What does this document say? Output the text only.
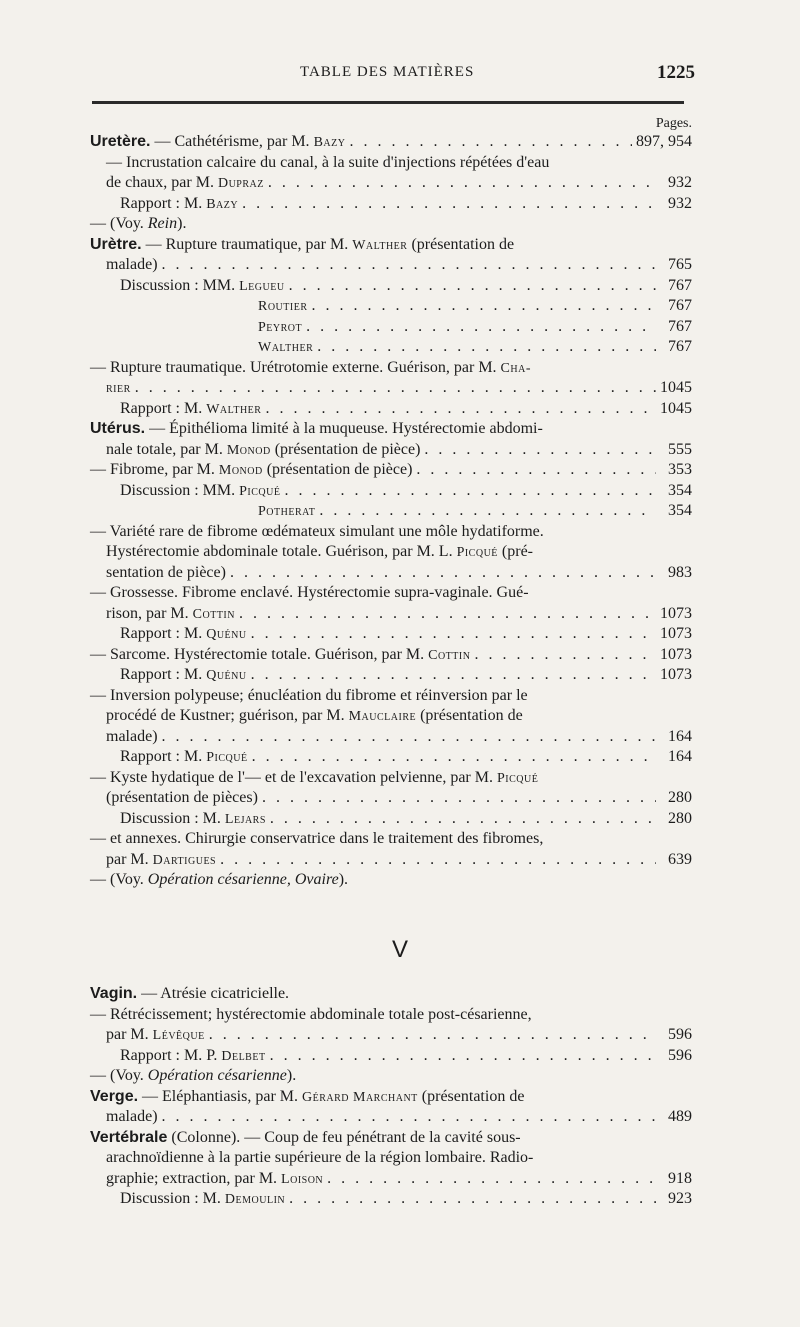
TABLE DES MATIÈRES	1225
Pages.
Uretère. — Cathétérisme, par M. Bazy . . .	897, 954
— Incrustation calcaire du canal, à la suite d'injections répétées d'eau
de chaux, par M. Dupraz . . .	932
Rapport : M. Bazy . . .	932
— (Voy. Rein).
Urètre. — Rupture traumatique, par M. Walther (présentation de
malade) . . .	765
Discussion : MM. Legueu . . .	767
Routier . . .	767
Peyrot . . .	767
Walther . . .	767
— Rupture traumatique. Urétrotomie externe. Guérison, par M. Cha-
rier . . .	1045
Rapport : M. Walther . . .	1045
Utérus. — Épithélioma limité à la muqueuse. Hystérectomie abdomi-
nale totale, par M. Monod (présentation de pièce) . . .	555
— Fibrome, par M. Monod (présentation de pièce) . . .	353
Discussion : MM. Picqué . . .	354
Potherat . . .	354
— Variété rare de fibrome œdémateux simulant une môle hydatiforme.
Hystérectomie abdominale totale. Guérison, par M. L. Picqué (pré-
sentation de pièce) . . .	983
— Grossesse. Fibrome enclavé. Hystérectomie supra-vaginale. Gué-
rison, par M. Cottin . . .	1073
Rapport : M. Quénu . . .	1073
— Sarcome. Hystérectomie totale. Guérison, par M. Cottin . . .	1073
Rapport : M. Quénu . . .	1073
— Inversion polypeuse; énucléation du fibrome et réinversion par le
procédé de Kustner; guérison, par M. Mauclaire (présentation de
malade) . . .	164
Rapport : M. Picqué . . .	164
— Kyste hydatique de l'— et de l'excavation pelvienne, par M. Picqué
(présentation de pièces) . . .	280
Discussion : M. Lejars . . .	280
— et annexes. Chirurgie conservatrice dans le traitement des fibromes,
par M. Dartigues . . .	639
— (Voy. Opération césarienne, Ovaire).
V
Vagin. — Atrésie cicatricielle.
— Rétrécissement; hystérectomie abdominale totale post-césarienne,
par M. Lévêque . . .	596
Rapport : M. P. Delbet . . .	596
— (Voy. Opération césarienne).
Verge. — Eléphantiasis, par M. Gérard Marchant (présentation de
malade) . . .	489
Vertébrale (Colonne). — Coup de feu pénétrant de la cavité sous-
arachnoïdienne à la partie supérieure de la région lombaire. Radio-
graphie; extraction, par M. Loison . . .	918
Discussion : M. Demoulin . . .	923
